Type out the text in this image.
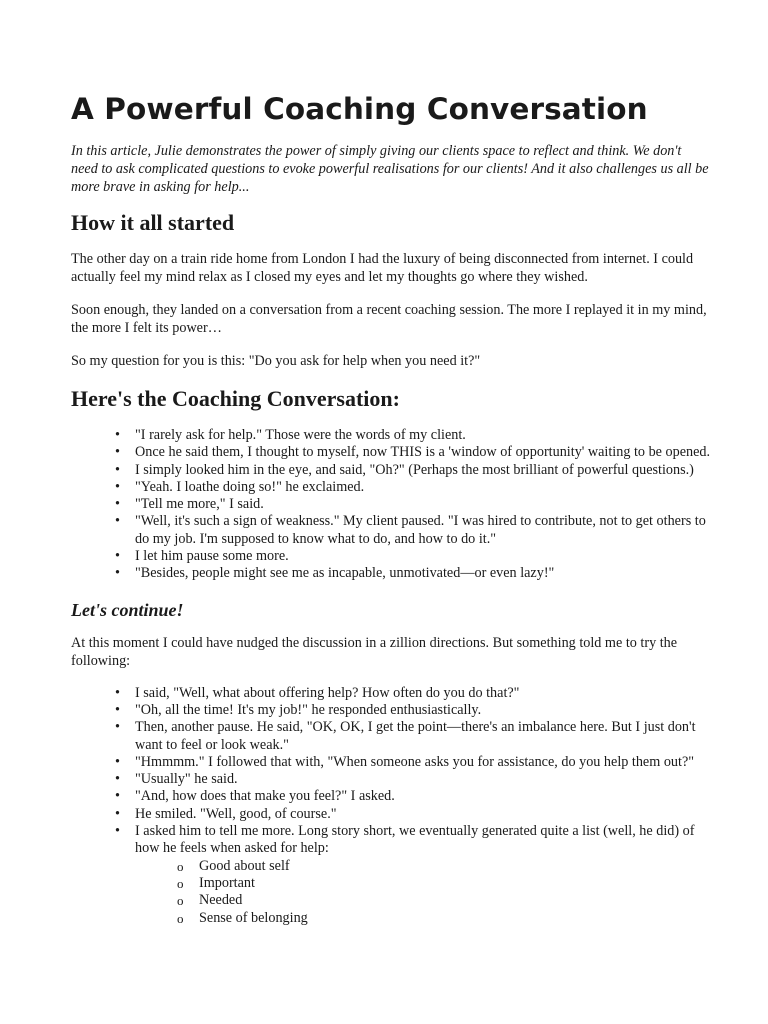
A Powerful Coaching Conversation

In this article, Julie demonstrates the power of simply giving our clients space to reflect and think. We don't need to ask complicated questions to evoke powerful realisations for our clients! And it also challenges us all be more brave in asking for help...

How it all started

The other day on a train ride home from London I had the luxury of being disconnected from internet. I could actually feel my mind relax as I closed my eyes and let my thoughts go where they wished.

Soon enough, they landed on a conversation from a recent coaching session. The more I replayed it in my mind, the more I felt its power…

So my question for you is this: "Do you ask for help when you need it?"

Here's the Coaching Conversation:
• "I rarely ask for help." Those were the words of my client.
• Once he said them, I thought to myself, now THIS is a 'window of opportunity' waiting to be opened.
• I simply looked him in the eye, and said, "Oh?" (Perhaps the most brilliant of powerful questions.)
• "Yeah. I loathe doing so!" he exclaimed.
• "Tell me more," I said.
• "Well, it's such a sign of weakness." My client paused. "I was hired to contribute, not to get others to do my job. I'm supposed to know what to do, and how to do it."
• I let him pause some more.
• "Besides, people might see me as incapable, unmotivated—or even lazy!"
Let's continue!

At this moment I could have nudged the discussion in a zillion directions. But something told me to try the following:

• I said, "Well, what about offering help? How often do you do that?"
• "Oh, all the time! It's my job!" he responded enthusiastically.
• Then, another pause. He said, "OK, OK, I get the point—there's an imbalance here. But I just don't want to feel or look weak."
• "Hmmmm." I followed that with, "When someone asks you for assistance, do you help them out?"
• "Usually" he said.
• "And, how does that make you feel?" I asked.
• He smiled. "Well, good, of course."
• I asked him to tell me more. Long story short, we eventually generated quite a list (well, he did) of how he feels when asked for help:
o Good about self
o Important
o Needed
o Sense of belonging
